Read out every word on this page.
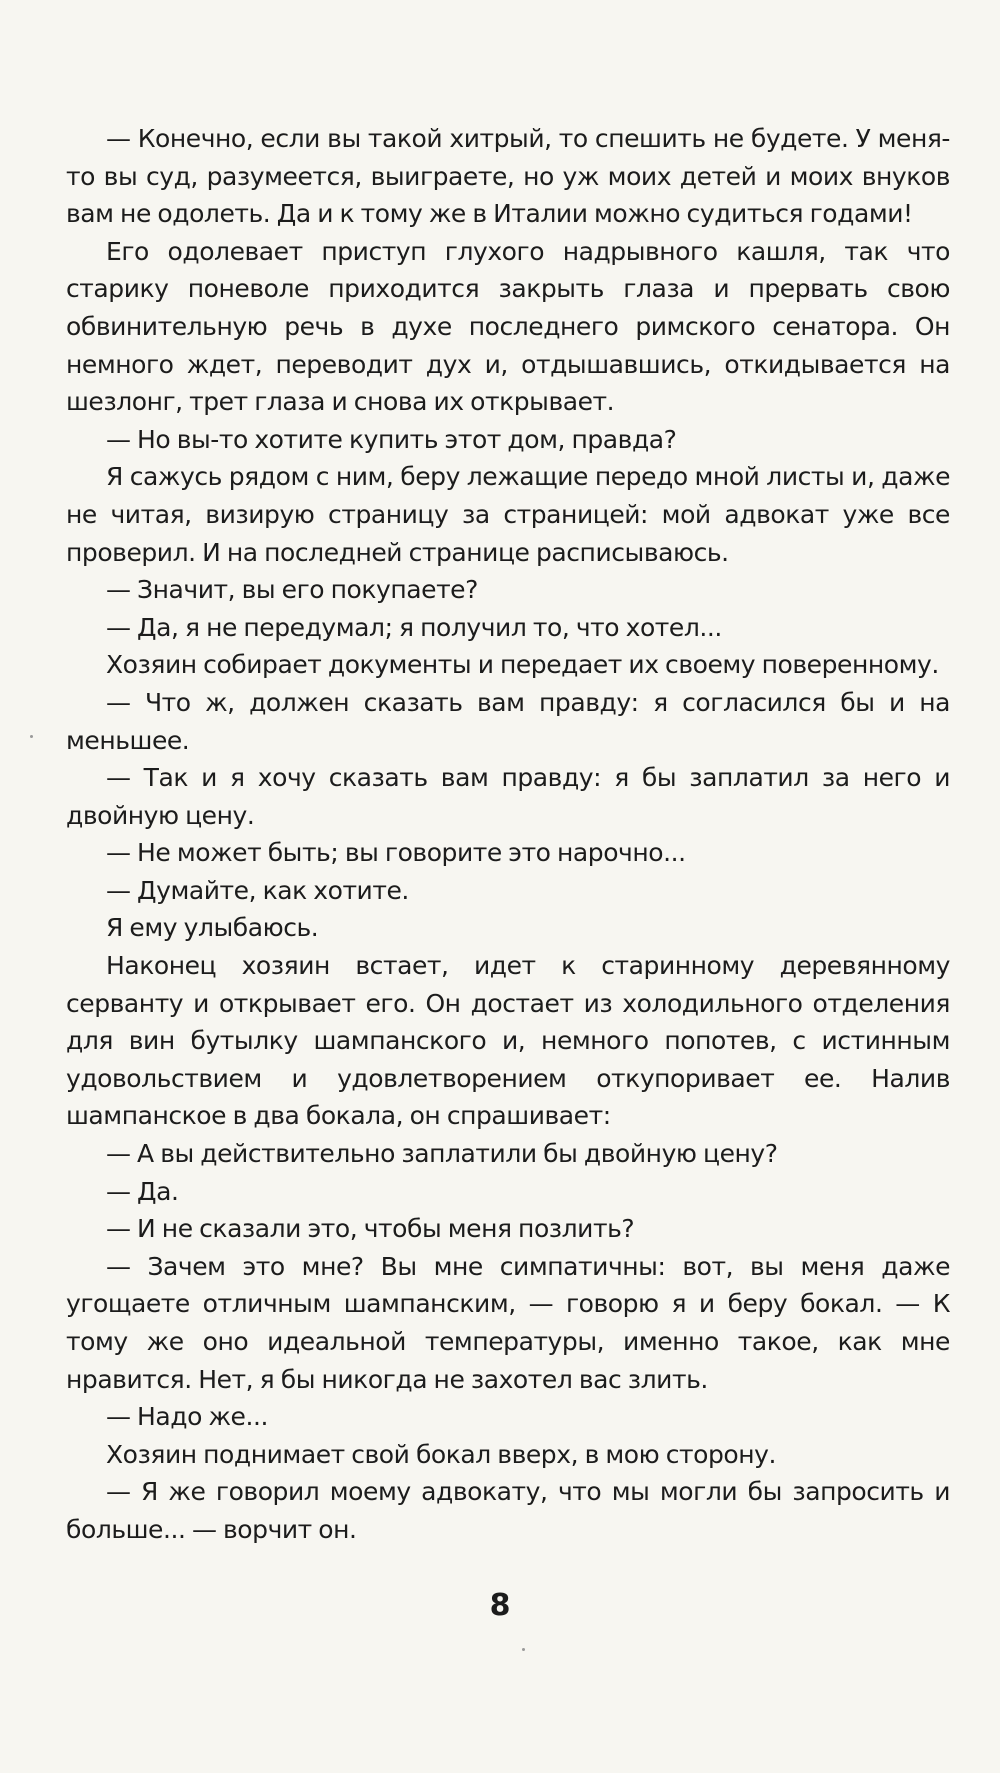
— Конечно, если вы такой хитрый, то спешить не будете. У меня-то вы суд, разумеется, выиграете, но уж моих детей и моих внуков вам не одолеть. Да и к тому же в Италии можно судиться годами!

Его одолевает приступ глухого надрывного кашля, так что старику поневоле приходится закрыть глаза и прервать свою обвинительную речь в духе последнего римского сенатора. Он немного ждет, переводит дух и, отдышавшись, откидывается на шезлонг, трет глаза и снова их открывает.

— Но вы-то хотите купить этот дом, правда?

Я сажусь рядом с ним, беру лежащие передо мной листы и, даже не читая, визирую страницу за страницей: мой адвокат уже все проверил. И на последней странице расписываюсь.

— Значит, вы его покупаете?

— Да, я не передумал; я получил то, что хотел...

Хозяин собирает документы и передает их своему поверенному.

— Что ж, должен сказать вам правду: я согласился бы и на меньшее.

— Так и я хочу сказать вам правду: я бы заплатил за него и двойную цену.

— Не может быть; вы говорите это нарочно...

— Думайте, как хотите.

Я ему улыбаюсь.

Наконец хозяин встает, идет к старинному деревянному серванту и открывает его. Он достает из холодильного отделения для вин бутылку шампанского и, немного попотев, с истинным удовольствием и удовлетворением откупоривает ее. Налив шампанское в два бокала, он спрашивает:

— А вы действительно заплатили бы двойную цену?

— Да.

— И не сказали это, чтобы меня позлить?

— Зачем это мне? Вы мне симпатичны: вот, вы меня даже угощаете отличным шампанским, — говорю я и беру бокал. — К тому же оно идеальной температуры, именно такое, как мне нравится. Нет, я бы никогда не захотел вас злить.

— Надо же...

Хозяин поднимает свой бокал вверх, в мою сторону.

— Я же говорил моему адвокату, что мы могли бы запросить и больше... — ворчит он.

8
